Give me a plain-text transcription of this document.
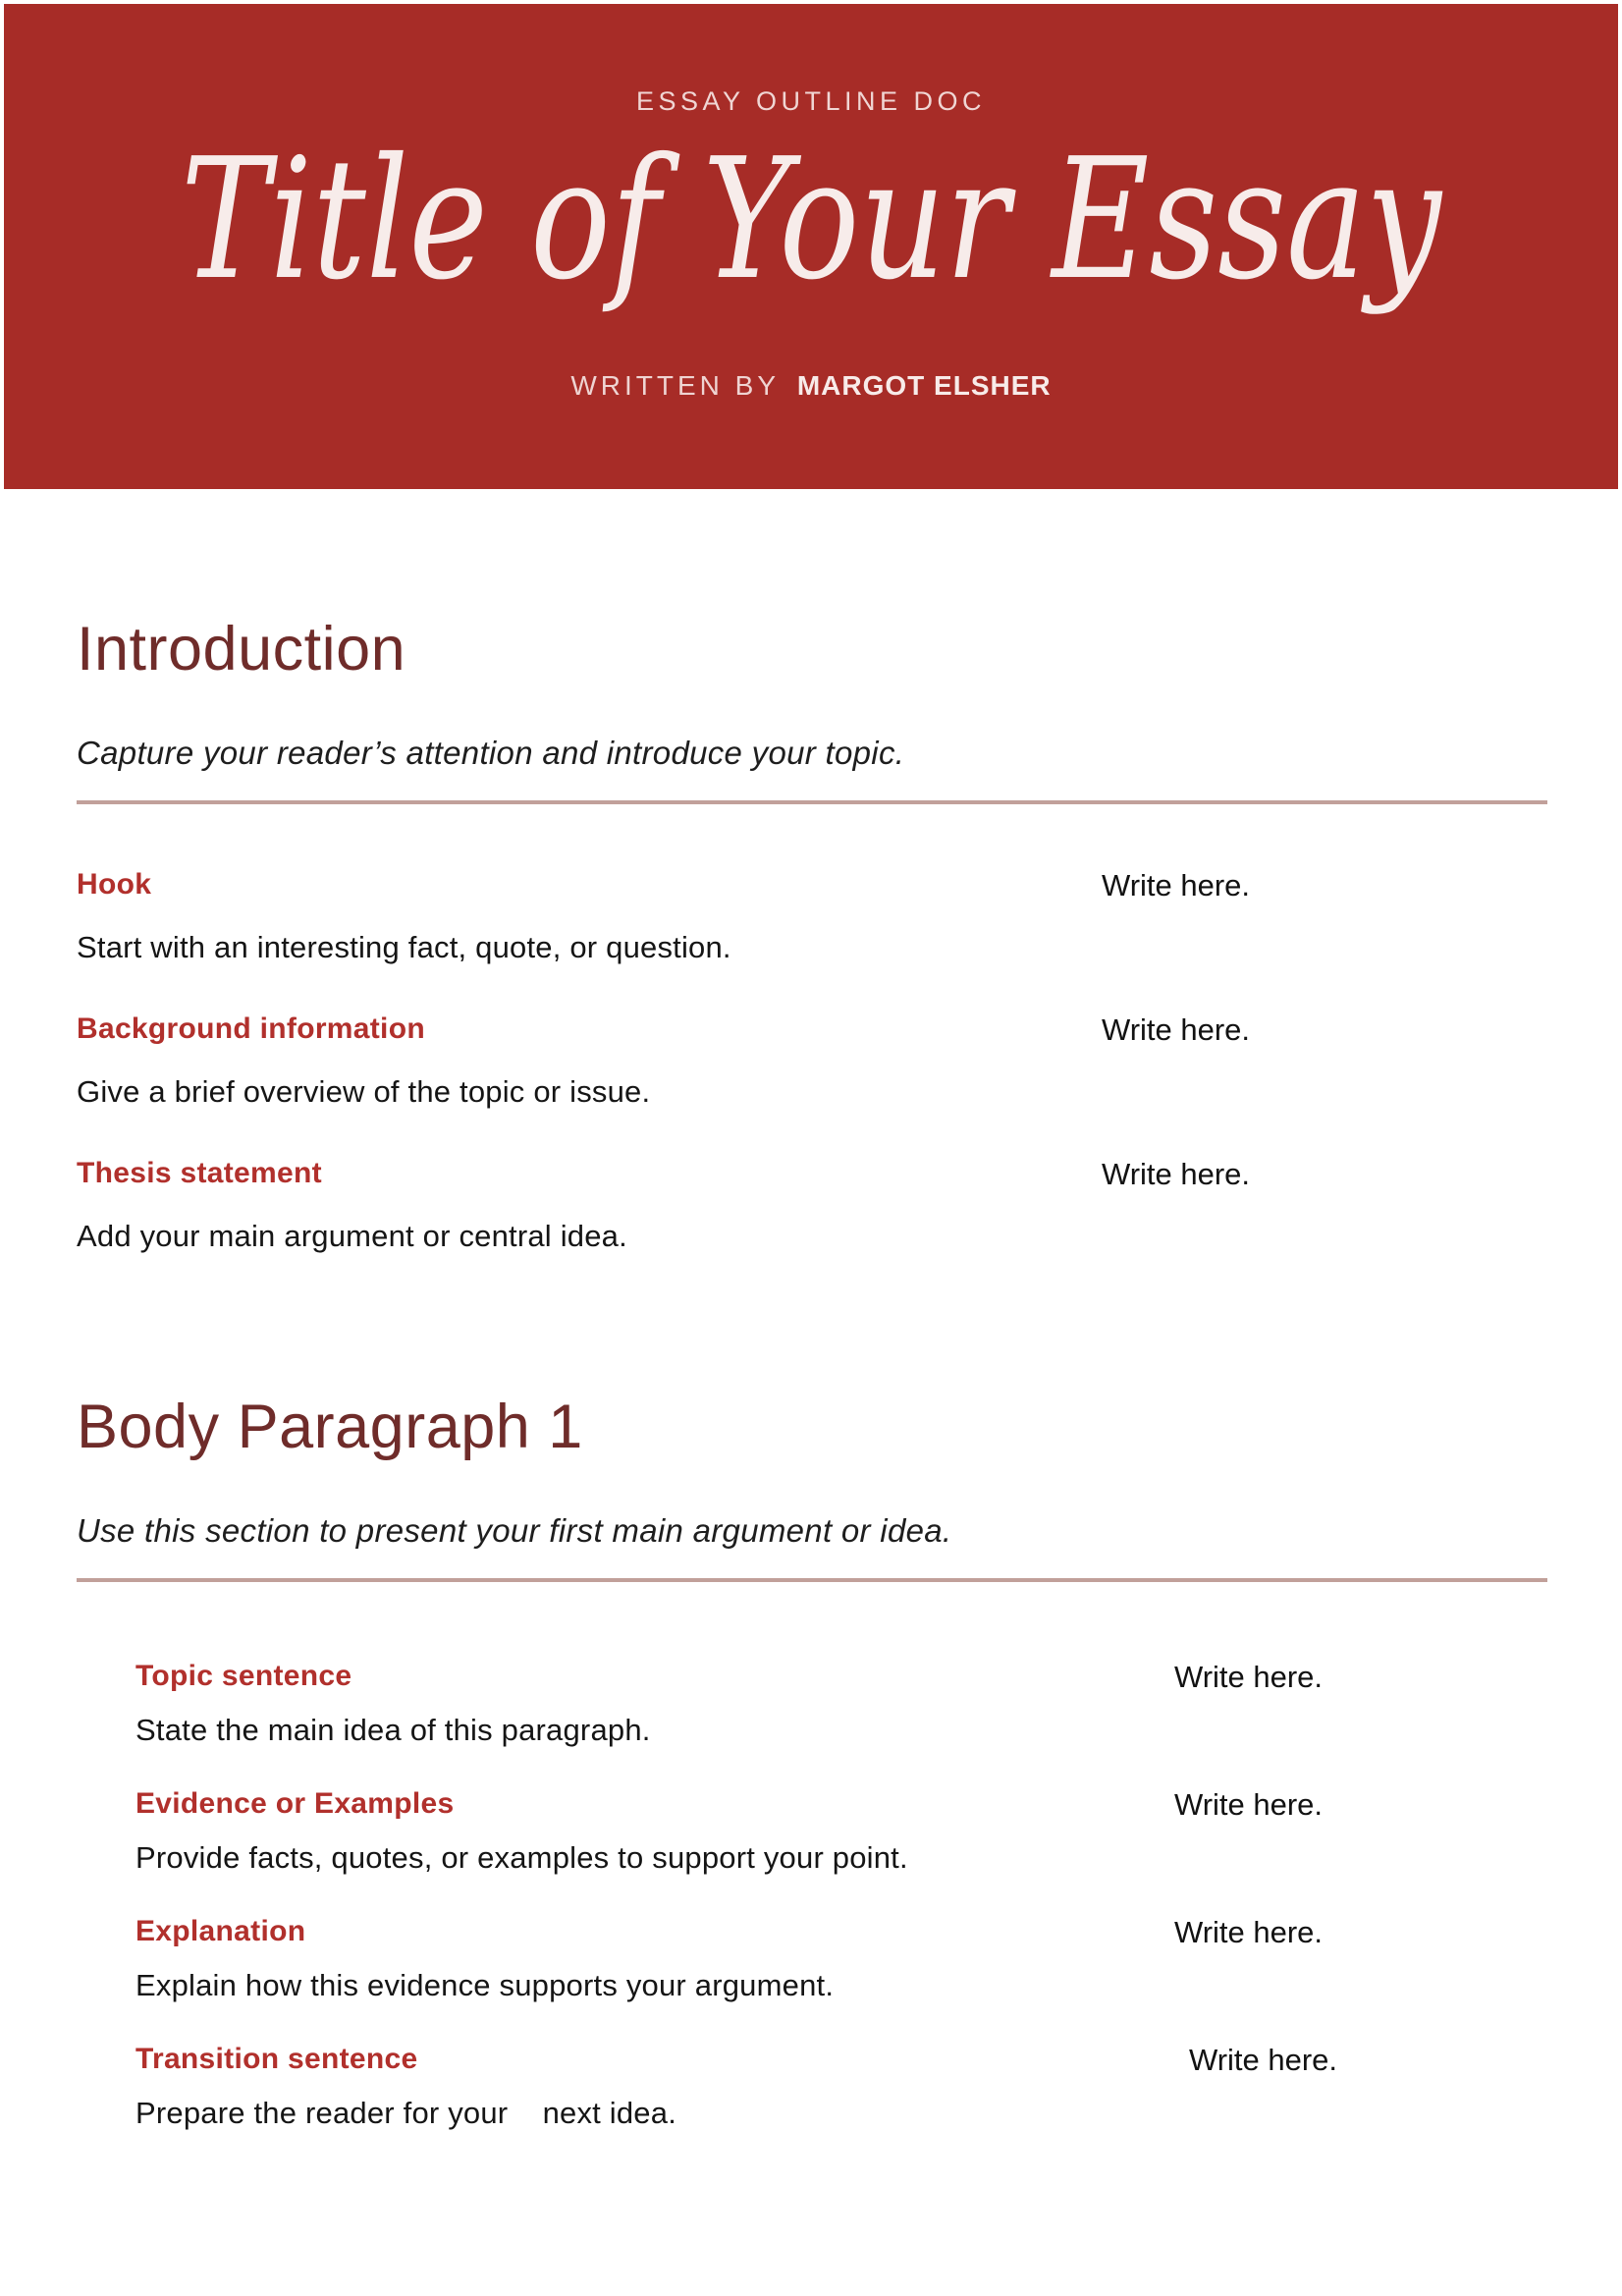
ESSAY OUTLINE DOC
Title of Your Essay
WRITTEN BY MARGOT ELSHER
Introduction

Capture your reader’s attention and introduce your topic.

Hook	Write here.

Start with an interesting fact, quote, or question.

Background information	Write here.

Give a brief overview of the topic or issue.

Thesis statement	Write here.

Add your main argument or central idea.

Body Paragraph 1

Use this section to present your first main argument or idea.

Topic sentence	Write here.

State the main idea of this paragraph.

Evidence or Examples	Write here.

Provide facts, quotes, or examples to support your point.

Explanation	Write here.

Explain how this evidence supports your argument.

Transition sentence	Write here.

Prepare the reader for your    next idea.
